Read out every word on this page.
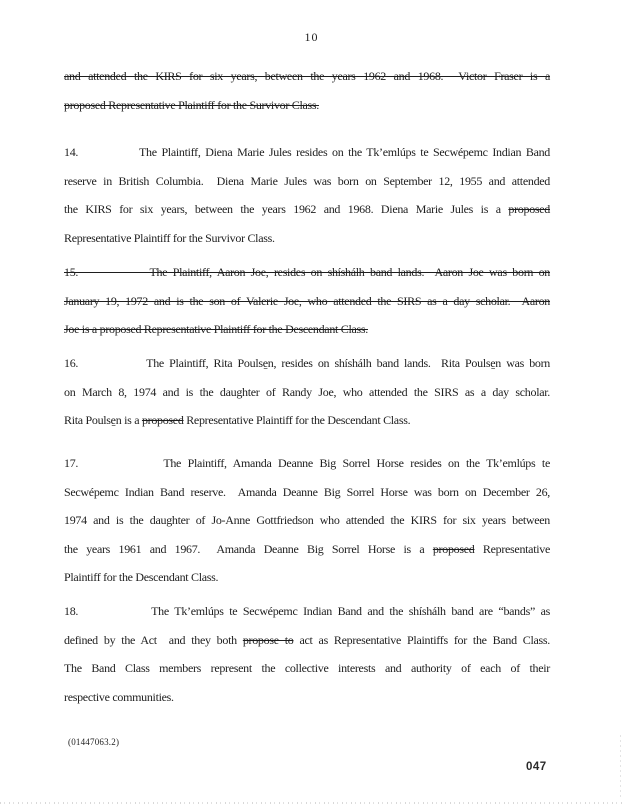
10
and attended the KIRS for six years, between the years 1962 and 1968.  Victor Fraser is a
proposed Representative Plaintiff for the Survivor Class.
14.             The Plaintiff, Diena Marie Jules resides on the Tk’emlúps te Secwépemc Indian Band
reserve in British Columbia.  Diena Marie Jules was born on September 12, 1955 and attended
the KIRS for six years, between the years 1962 and 1968. Diena Marie Jules is a proposed
Representative Plaintiff for the Survivor Class.
15.             The Plaintiff, Aaron Joe, resides on shíshálh band lands.  Aaron Joe was born on
January 19, 1972 and is the son of Valerie Joe, who attended the SIRS as a day scholar.  Aaron
Joe is a proposed Representative Plaintiff for the Descendant Class.
16.             The Plaintiff, Rita Poulse̱n, resides on shíshálh band lands.  Rita Poulse̱n was born
on March 8, 1974 and is the daughter of Randy Joe, who attended the SIRS as a day scholar.
Rita Poulse̱n is a proposed Representative Plaintiff for the Descendant Class.
17.             The Plaintiff, Amanda Deanne Big Sorrel Horse resides on the Tk’emlúps te
Secwépemc Indian Band reserve.  Amanda Deanne Big Sorrel Horse was born on December 26,
1974 and is the daughter of Jo-Anne Gottfriedson who attended the KIRS for six years between
the years 1961 and 1967.  Amanda Deanne Big Sorrel Horse is a proposed Representative
Plaintiff for the Descendant Class.
18.             The Tk’emlúps te Secwépemc Indian Band and the shíshálh band are “bands” as
defined by the Act  and they both propose to act as Representative Plaintiffs for the Band Class.
The Band Class members represent the collective interests and authority of each of their
respective communities.
(01447063.2)
047
